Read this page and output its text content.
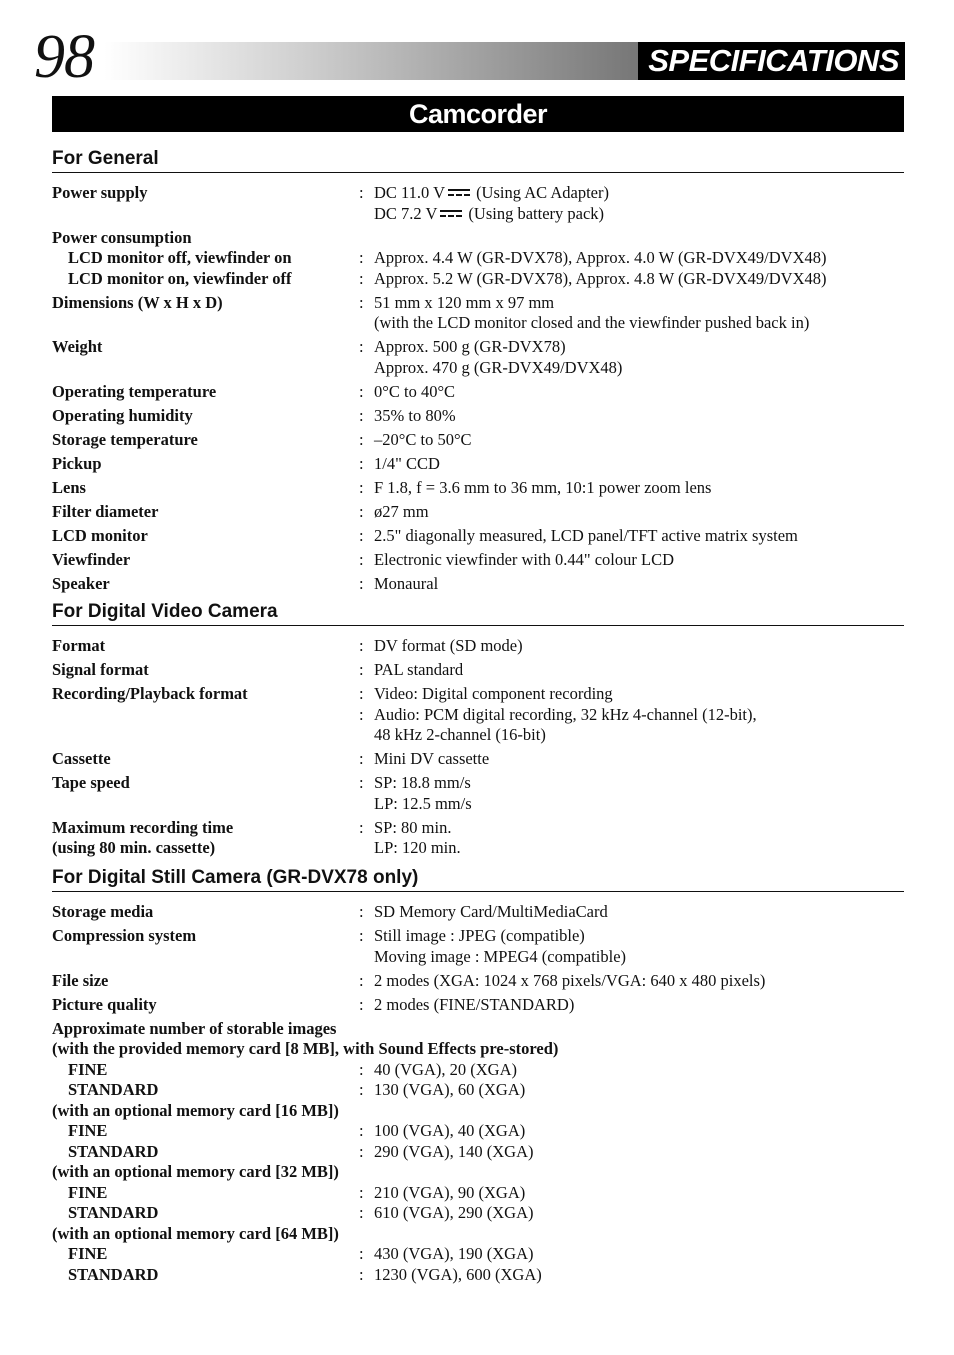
98	SPECIFICATIONS
Camcorder
For General
Power supply	: DC 11.0 V (Using AC Adapter)
DC 7.2 V (Using battery pack)
Power consumption
LCD monitor off, viewfinder on	: Approx. 4.4 W (GR-DVX78), Approx. 4.0 W (GR-DVX49/DVX48)
LCD monitor on, viewfinder off	: Approx. 5.2 W (GR-DVX78), Approx. 4.8 W (GR-DVX49/DVX48)
Dimensions (W x H x D)	: 51 mm x 120 mm x 97 mm
(with the LCD monitor closed and the viewfinder pushed back in)
Weight	: Approx. 500 g (GR-DVX78)
Approx. 470 g (GR-DVX49/DVX48)
Operating temperature	: 0°C to 40°C
Operating humidity	: 35% to 80%
Storage temperature	: –20°C to 50°C
Pickup	: 1/4" CCD
Lens	: F 1.8, f = 3.6 mm to 36 mm, 10:1 power zoom lens
Filter diameter	: ø27 mm
LCD monitor	: 2.5" diagonally measured, LCD panel/TFT active matrix system
Viewfinder	: Electronic viewfinder with 0.44" colour LCD
Speaker	: Monaural
For Digital Video Camera
Format	: DV format (SD mode)
Signal format	: PAL standard
Recording/Playback format	: Video: Digital component recording
: Audio: PCM digital recording, 32 kHz 4-channel (12-bit),
48 kHz 2-channel (16-bit)
Cassette	: Mini DV cassette
Tape speed	: SP: 18.8 mm/s
LP: 12.5 mm/s
Maximum recording time	: SP: 80 min.
(using 80 min. cassette)	LP: 120 min.
For Digital Still Camera (GR-DVX78 only)
Storage media	: SD Memory Card/MultiMediaCard
Compression system	: Still image : JPEG (compatible)
Moving image : MPEG4 (compatible)
File size	: 2 modes (XGA: 1024 x 768 pixels/VGA: 640 x 480 pixels)
Picture quality	: 2 modes (FINE/STANDARD)
Approximate number of storable images
(with the provided memory card [8 MB], with Sound Effects pre-stored)
FINE	: 40 (VGA), 20 (XGA)
STANDARD	: 130 (VGA), 60 (XGA)
(with an optional memory card [16 MB])
FINE	: 100 (VGA), 40 (XGA)
STANDARD	: 290 (VGA), 140 (XGA)
(with an optional memory card [32 MB])
FINE	: 210 (VGA), 90 (XGA)
STANDARD	: 610 (VGA), 290 (XGA)
(with an optional memory card [64 MB])
FINE	: 430 (VGA), 190 (XGA)
STANDARD	: 1230 (VGA), 600 (XGA)
